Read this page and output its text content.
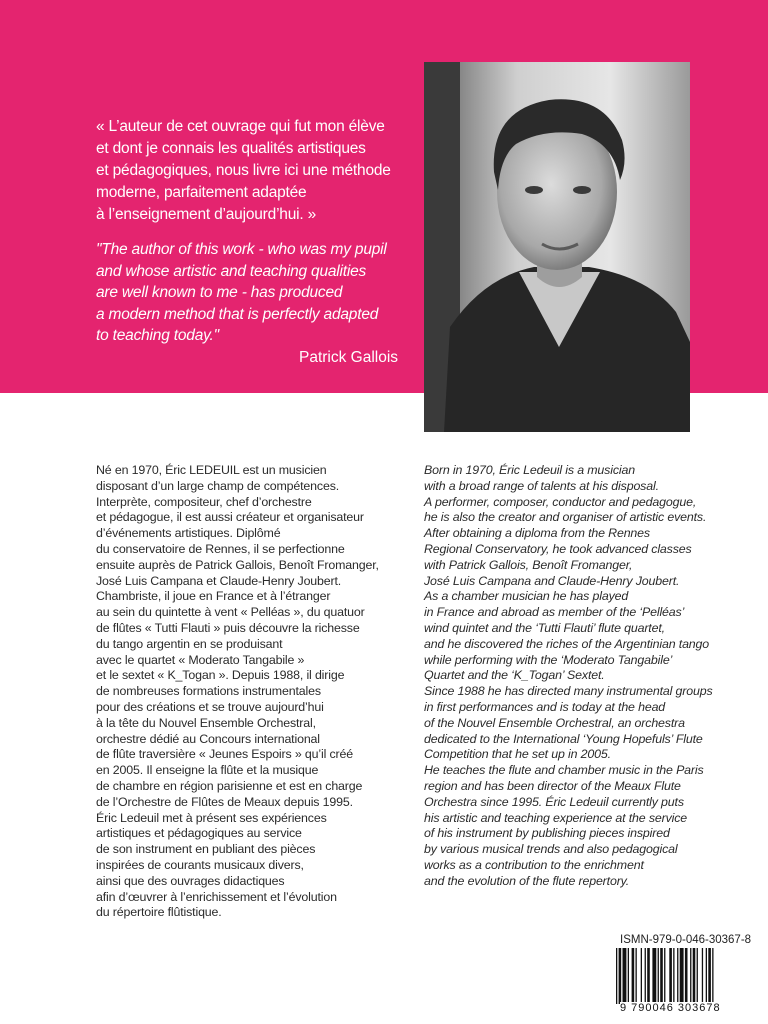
« L’auteur de cet ouvrage qui fut mon élève
et dont je connais les qualités artistiques
et pédagogiques, nous livre ici une méthode
moderne, parfaitement adaptée
à l’enseignement d’aujourd’hui. »
"The author of this work - who was my pupil
and whose artistic and teaching qualities
are well known to me - has produced
a modern method that is perfectly adapted
to teaching today."
Patrick Gallois
Né en 1970, Éric LEDEUIL est un musicien
disposant d’un large champ de compétences.
Interprète, compositeur, chef d’orchestre
et pédagogue, il est aussi créateur et organisateur
d’événements artistiques. Diplômé
du conservatoire de Rennes, il se perfectionne
ensuite auprès de Patrick Gallois, Benoît Fromanger,
José Luis Campana et Claude-Henry Joubert.
Chambriste, il joue en France et à l’étranger
au sein du quintette à vent « Pelléas », du quatuor
de flûtes « Tutti Flauti » puis découvre la richesse
du tango argentin en se produisant
avec le quartet « Moderato Tangabile »
et le sextet « K_Togan ». Depuis 1988, il dirige
de nombreuses formations instrumentales
pour des créations et se trouve aujourd’hui
à la tête du Nouvel Ensemble Orchestral,
orchestre dédié au Concours international
de flûte traversière « Jeunes Espoirs » qu’il créé
en 2005. Il enseigne la flûte et la musique
de chambre en région parisienne et est en charge
de l’Orchestre de Flûtes de Meaux depuis 1995.
Éric Ledeuil met à présent ses expériences
artistiques et pédagogiques au service
de son instrument en publiant des pièces
inspirées de courants musicaux divers,
ainsi que des ouvrages didactiques
afin d’œuvrer à l’enrichissement et l’évolution
du répertoire flûtistique.
Born in 1970, Éric Ledeuil is a musician
with a broad range of talents at his disposal.
A performer, composer, conductor and pedagogue,
he is also the creator and organiser of artistic events.
After obtaining a diploma from the Rennes
Regional Conservatory, he took advanced classes
with Patrick Gallois, Benoît Fromanger,
José Luis Campana and Claude-Henry Joubert.
As a chamber musician he has played
in France and abroad as member of the ‘Pelléas’
wind quintet and the ‘Tutti Flauti’ flute quartet,
and he discovered the riches of the Argentinian tango
while performing with the ‘Moderato Tangabile’
Quartet and the ‘K_Togan’ Sextet.
Since 1988 he has directed many instrumental groups
in first performances and is today at the head
of the Nouvel Ensemble Orchestral, an orchestra
dedicated to the International ‘Young Hopefuls’ Flute
Competition that he set up in 2005.
He teaches the flute and chamber music in the Paris
region and has been director of the Meaux Flute
Orchestra since 1995. Éric Ledeuil currently puts
his artistic and teaching experience at the service
of his instrument by publishing pieces inspired
by various musical trends and also pedagogical
works as a contribution to the enrichment
and the evolution of the flute repertory.
ISMN-979-0-046-30367-8
9 790046 303678
